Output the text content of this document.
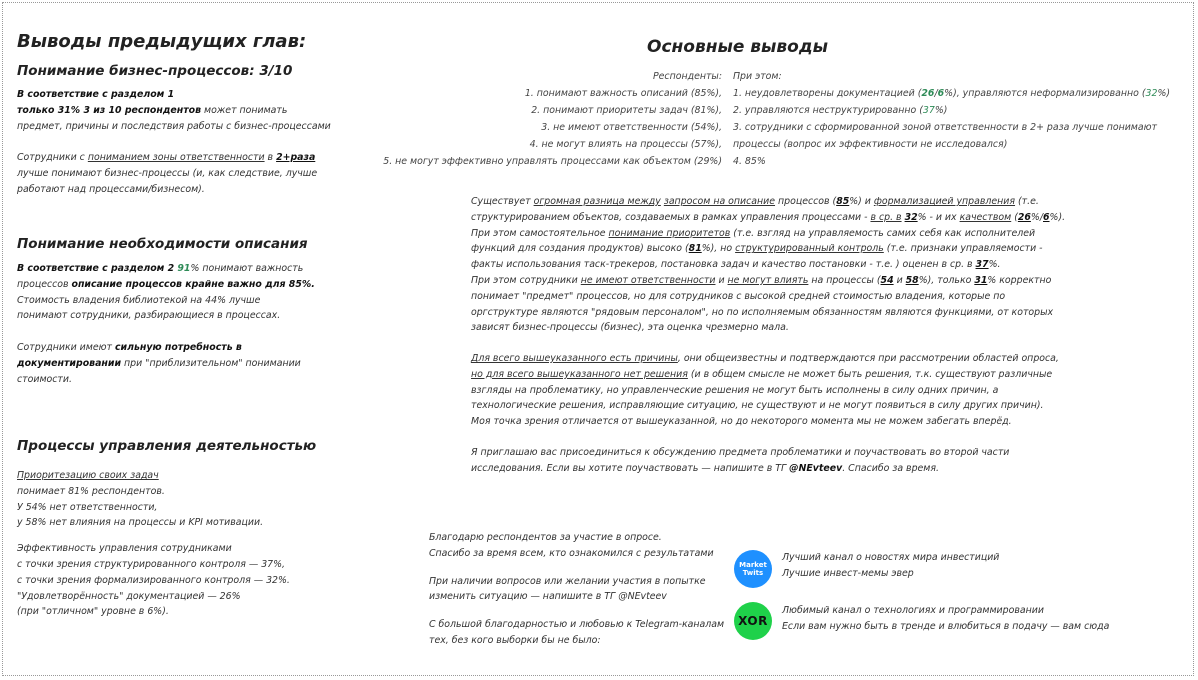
Выводы предыдущих глав:
Понимание бизнес-процессов: 3/10
В соответствие с разделом 1
только 31% 3 из 10 респондентов может понимать
предмет, причины и последствия работы с бизнес-процессами
Сотрудники с пониманием зоны ответственности в 2+раза
лучше понимают бизнес-процессы (и, как следствие, лучше
работают над процессами/бизнесом).
Понимание необходимости описания
В соответствие с разделом 2 91% понимают важность
процессов описание процессов крайне важно для 85%.
Стоимость владения библиотекой на 44% лучше
понимают сотрудники, разбирающиеся в процессах.
Сотрудники имеют сильную потребность в
документировании при "приблизительном" понимании
стоимости.
Процессы управления деятельностью
Приоритезацию своих задач
понимает 81% респондентов.
У 54% нет ответственности,
у 58% нет влияния на процессы и KPI мотивации.
Эффективность управления сотрудниками
с точки зрения структурированного контроля — 37%,
с точки зрения формализированного контроля — 32%.
"Удовлетворённость" документацией — 26%
(при "отличном" уровне в 6%).
Основные выводы
Респонденты:
1. понимают важность описаний (85%),
2. понимают приоритеты задач (81%),
3. не имеют ответственности (54%),
4. не могут влиять на процессы (57%),
5. не могут эффективно управлять процессами как объектом (29%)
При этом:
1. неудовлетворены документацией (26/6%), управляются неформализированно (32%)
2. управляются неструктурированно (37%)
3. сотрудники с сформированной зоной ответственности в 2+ раза лучше понимают
процессы (вопрос их эффективности не исследовался)
4. 85%
Существует огромная разница между запросом на описание процессов (85%) и формализацией управления (т.е.
структурированием объектов, создаваемых в рамках управления процессами - в ср. в 32% - и их качеством (26%/6%).
При этом самостоятельное понимание приоритетов (т.е. взгляд на управляемость самих себя как исполнителей
функций для создания продуктов) высоко (81%), но структурированный контроль (т.е. признаки управляемости -
факты использования таск-трекеров, постановка задач и качество постановки - т.е. ) оценен в ср. в 37%.
При этом сотрудники не имеют ответственности и не могут влиять на процессы (54 и 58%), только 31% корректно
понимает "предмет" процессов, но для сотрудников с высокой средней стоимостью владения, которые по
оргструктуре являются "рядовым персоналом", но по исполняемым обязанностям являются функциями, от которых
зависят бизнес-процессы (бизнес), эта оценка чрезмерно мала.
Для всего вышеуказанного есть причины, они общеизвестны и подтверждаются при рассмотрении областей опроса,
но для всего вышеуказанного нет решения (и в общем смысле не может быть решения, т.к. существуют различные
взгляды на проблематику, но управленческие решения не могут быть исполнены в силу одних причин, а
технологические решения, исправляющие ситуацию, не существуют и не могут появиться в силу других причин).
Моя точка зрения отличается от вышеуказанной, но до некоторого момента мы не можем забегать вперёд.
Я приглашаю вас присоединиться к обсуждению предмета проблематики и поучаствовать во второй части
исследования. Если вы хотите поучаствовать — напишите в ТГ @NEvteev. Спасибо за время.
Благодарю респондентов за участие в опросе.
Спасибо за время всем, кто ознакомился с результатами
При наличии вопросов или желании участия в попытке
изменить ситуацию — напишите в ТГ @NEvteev
С большой благодарностью и любовью к Telegram-каналам
тех, без кого выборки бы не было:
Market Twits
Лучший канал о новостях мира инвестиций
Лучшие инвест-мемы эвер
XOR
Любимый канал о технологиях и программировании
Если вам нужно быть в тренде и влюбиться в подачу — вам сюда
